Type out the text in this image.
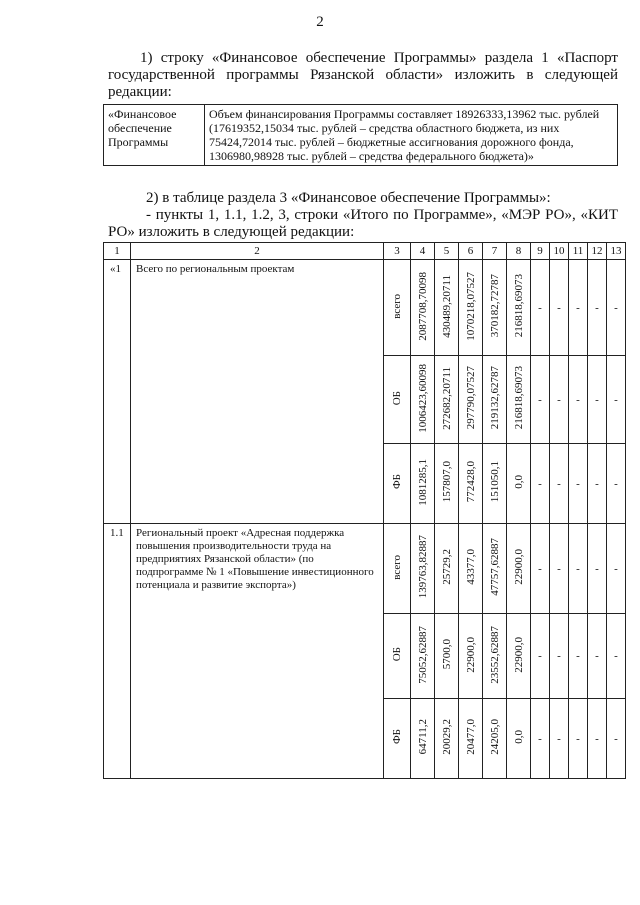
2
1) строку «Финансовое обеспечение Программы» раздела 1 «Паспорт государственной программы Рязанской области» изложить в следующей редакции:
«Финансовое обеспечение Программы	Объем финансирования Программы составляет 18926333,13962 тыс. рублей (17619352,15034 тыс. рублей – средства областного бюджета, из них 75424,72014 тыс. рублей – бюджетные ассигнования дорожного фонда, 1306980,98928 тыс. рублей – средства федерального бюджета)»
2) в таблице раздела 3 «Финансовое обеспечение Программы»:
- пункты 1, 1.1, 1.2, 3, строки «Итого по Программе», «МЭР РО», «КИТ РО» изложить в следующей редакции:
1	2	3	4	5	6	7	8	9	10	11	12	13
«1	Всего по региональным проектам	всего	2087708,70098	430489,20711	1070218,07527	370182,72787	216818,69073	-	-	-	-	-
		ОБ	1006423,60098	272682,20711	297790,07527	219132,62787	216818,69073	-	-	-	-	-
		ФБ	1081285,1	157807,0	772428,0	151050,1	0,0	-	-	-	-	-
1.1	Региональный проект «Адресная поддержка повышения производительности труда на предприятиях Рязанской области» (по подпрограмме № 1 «Повышение инвестиционного потенциала и развитие экспорта»)	всего	139763,82887	25729,2	43377,0	47757,62887	22900,0	-	-	-	-	-
		ОБ	75052,62887	5700,0	22900,0	23552,62887	22900,0	-	-	-	-	-
		ФБ	64711,2	20029,2	20477,0	24205,0	0,0	-	-	-	-	-
